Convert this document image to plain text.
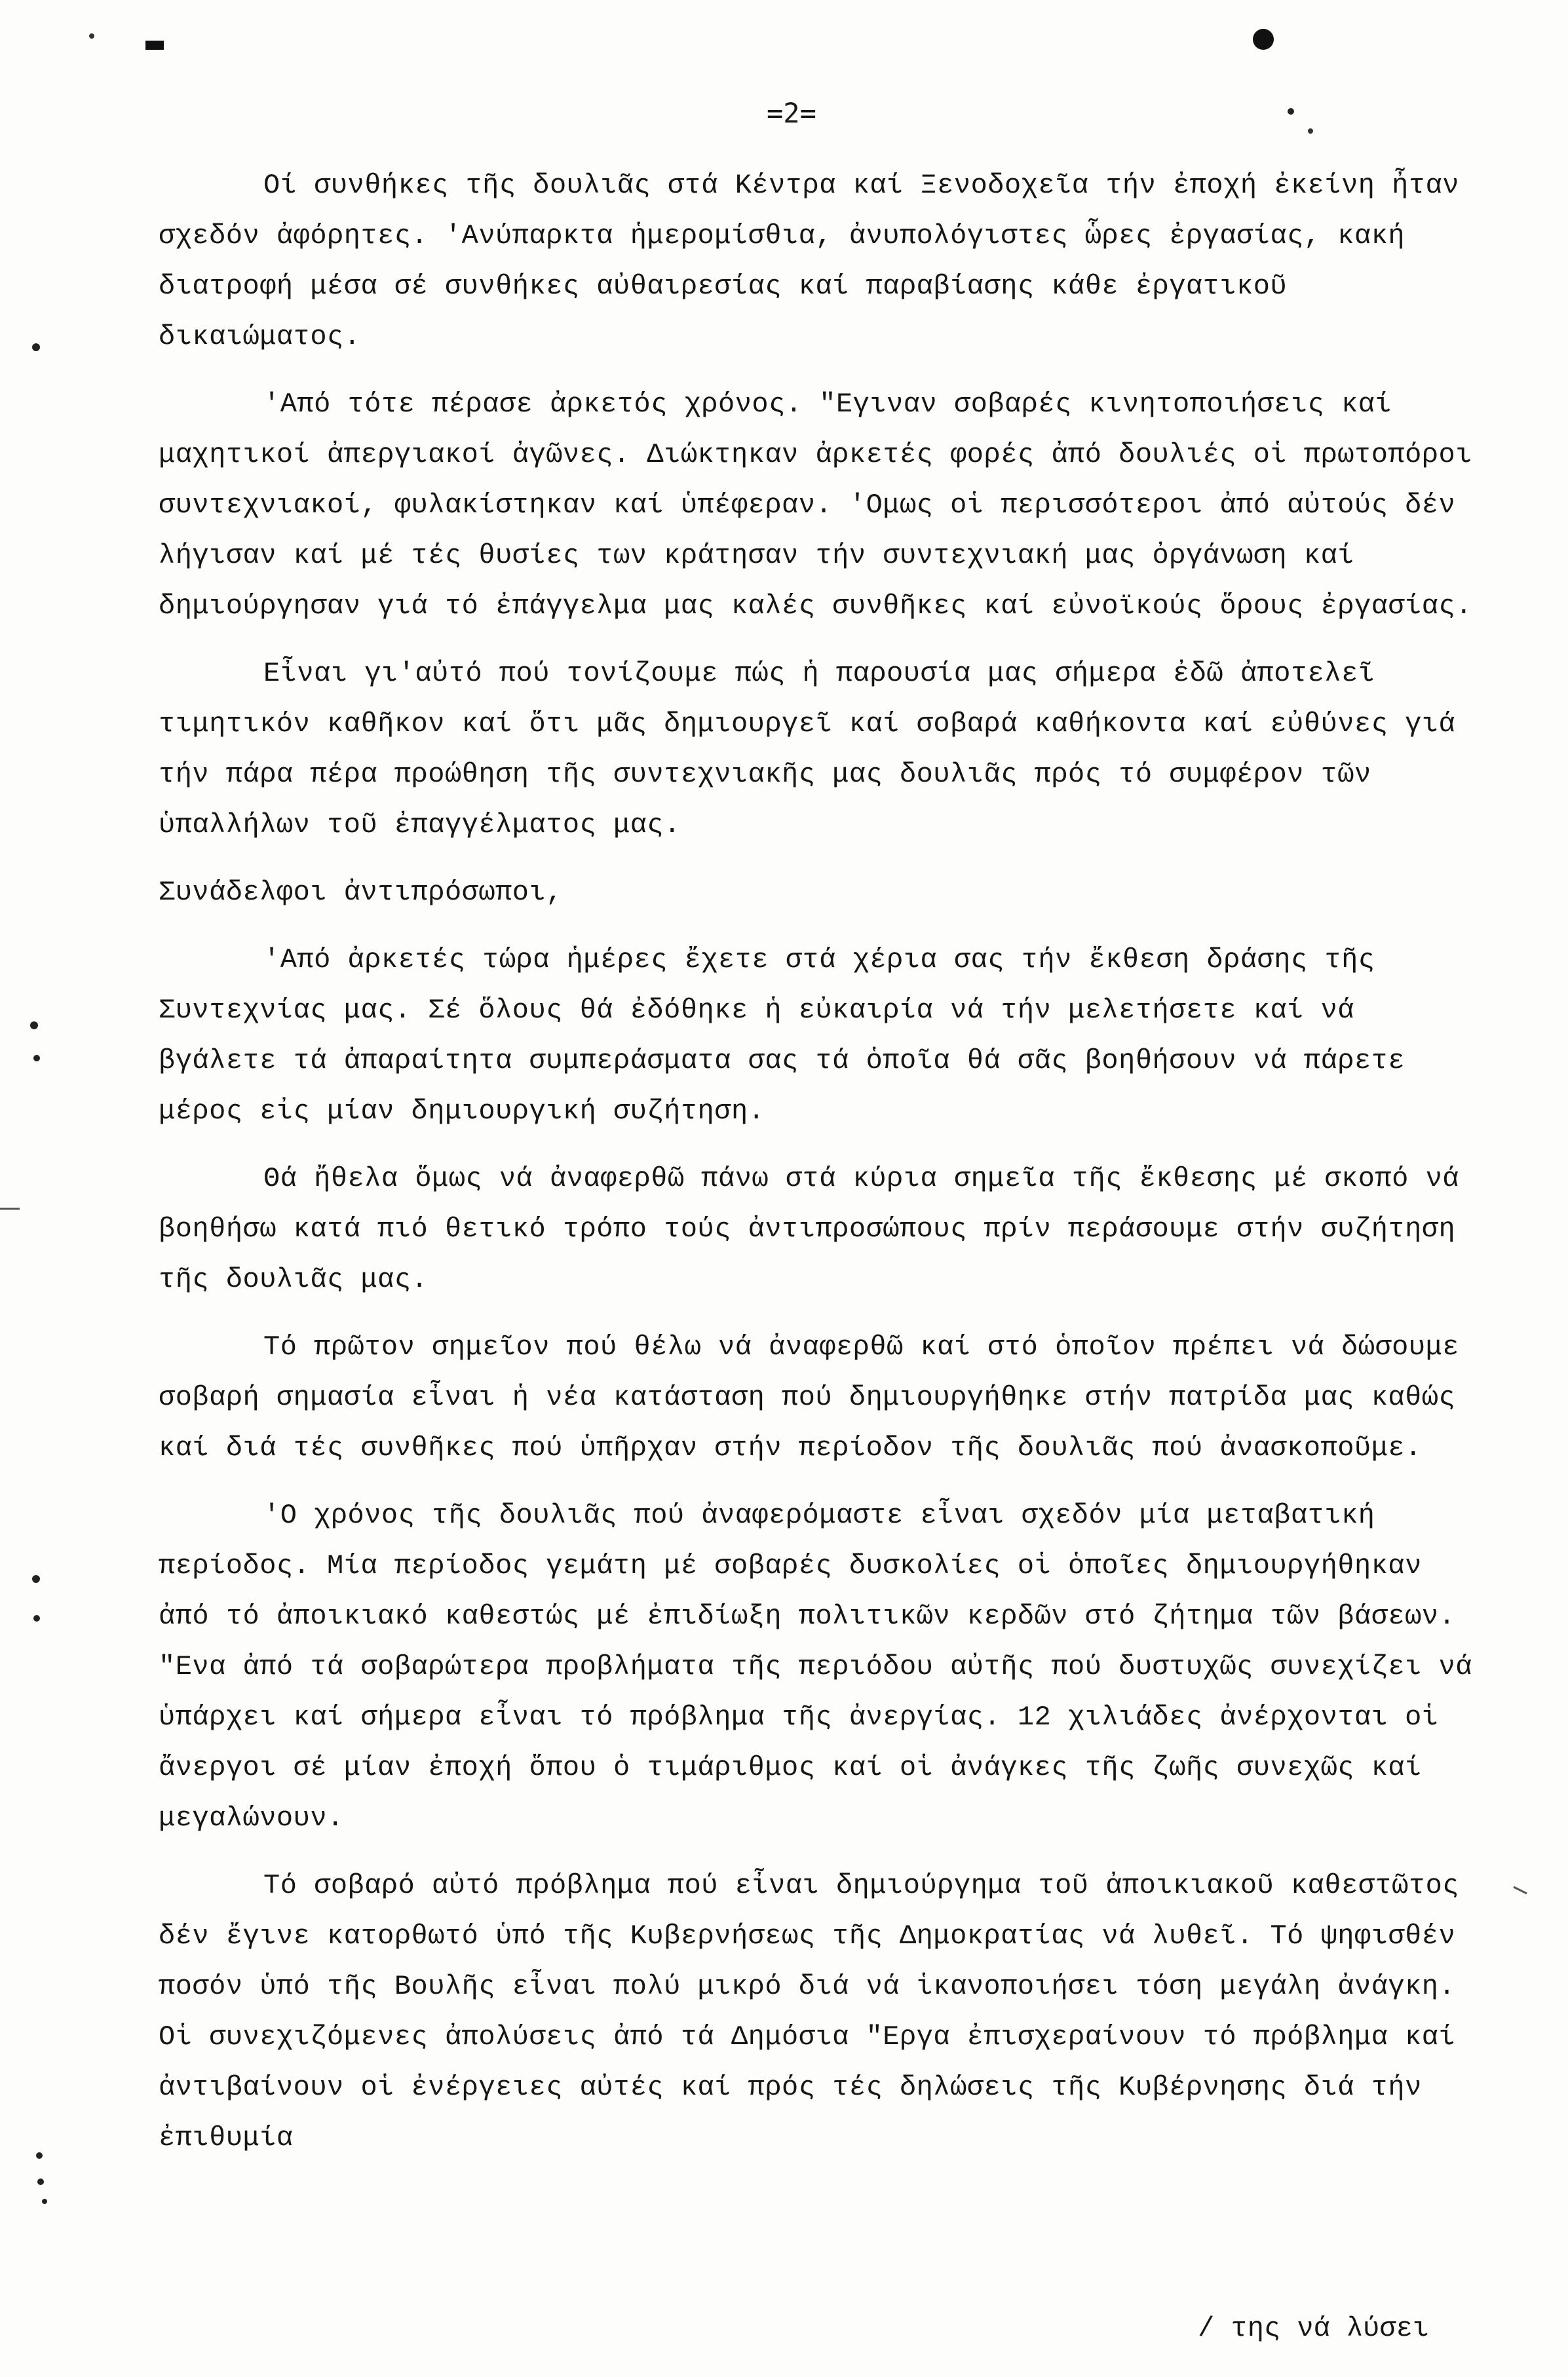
=2=

Οί συνθήκες τῆς δουλιᾶς στά Κέντρα καί Ξενοδοχεῖα τήν ἐποχή ἐκείνη ἦταν σχεδόν ἀφόρητες. 'Ανύπαρκτα ἡμερομίσθια, ἀνυπολόγιστες ὧρες ἐργασίας, κακή διατροφή μέσα σέ συνθήκες αὐθαιρεσίας καί παραβίασης κάθε ἐργατικοῦ δικαιώματος.

'Από τότε πέρασε ἀρκετός χρόνος. "Εγιναν σοβαρές κινητοποιήσεις καί μαχητικοί ἀπεργιακοί ἀγῶνες. Διώκτηκαν ἀρκετές φορές ἀπό δουλιές οἱ πρωτοπόροι συντεχνιακοί, φυλακίστηκαν καί ὑπέφεραν. 'Ομως οἱ περισσότεροι ἀπό αὐτούς δέν λήγισαν καί μέ τές θυσίες των κράτησαν τήν συντεχνιακή μας ὀργάνωση καί δημιούργησαν γιά τό ἐπάγγελμα μας καλές συνθῆκες καί εὐνοϊκούς ὅρους ἐργασίας.

Εἶναι γι'αὐτό πού τονίζουμε πώς ἡ παρουσία μας σήμερα ἐδῶ ἀποτελεῖ τιμητικόν καθῆκον καί ὅτι μᾶς δημιουργεῖ καί σοβαρά καθήκοντα καί εὐθύνες γιά τήν πάρα πέρα προώθηση τῆς συντεχνιακῆς μας δουλιᾶς πρός τό συμφέρον τῶν ὑπαλλήλων τοῦ ἐπαγγέλματος μας.

Συνάδελφοι ἀντιπρόσωποι,

'Από ἀρκετές τώρα ἡμέρες ἔχετε στά χέρια σας τήν ἔκθεση δράσης τῆς Συντεχνίας μας. Σέ ὅλους θά ἐδόθηκε ἡ εὐκαιρία νά τήν μελετήσετε καί νά βγάλετε τά ἀπαραίτητα συμπεράσματα σας τά ὁποῖα θά σᾶς βοηθήσουν νά πάρετε μέρος εἰς μίαν δημιουργική συζήτηση.

Θά ἤθελα ὅμως νά ἀναφερθῶ πάνω στά κύρια σημεῖα τῆς ἔκθεσης μέ σκοπό νά βοηθήσω κατά πιό θετικό τρόπο τούς ἀντιπροσώπους πρίν περάσουμε στήν συζήτηση τῆς δουλιᾶς μας.

Τό πρῶτον σημεῖον πού θέλω νά ἀναφερθῶ καί στό ὁποῖον πρέπει νά δώσουμε σοβαρή σημασία εἶναι ἡ νέα κατάσταση πού δημιουργήθηκε στήν πατρίδα μας καθώς καί διά τές συνθῆκες πού ὑπῆρχαν στήν περίοδον τῆς δουλιᾶς πού ἀνασκοποῦμε.

'Ο χρόνος τῆς δουλιᾶς πού ἀναφερόμαστε εἶναι σχεδόν μία μεταβατική περίοδος. Μία περίοδος γεμάτη μέ σοβαρές δυσκολίες οἱ ὁποῖες δημιουργήθηκαν ἀπό τό ἀποικιακό καθεστώς μέ ἐπιδίωξη πολιτικῶν κερδῶν στό ζήτημα τῶν βάσεων. "Ενα ἀπό τά σοβαρώτερα προβλήματα τῆς περιόδου αὐτῆς πού δυστυχῶς συνεχίζει νά ὑπάρχει καί σήμερα εἶναι τό πρόβλημα τῆς ἀνεργίας. 12 χιλιάδες ἀνέρχονται οἱ ἄνεργοι σέ μίαν ἐποχή ὅπου ὁ τιμάριθμος καί οἱ ἀνάγκες τῆς ζωῆς συνεχῶς καί μεγαλώνουν.

Τό σοβαρό αὐτό πρόβλημα πού εἶναι δημιούργημα τοῦ ἀποικιακοῦ καθεστῶτος δέν ἔγινε κατορθωτό ὑπό τῆς Κυβερνήσεως τῆς Δημοκρατίας νά λυθεῖ. Τό ψηφισθέν ποσόν ὑπό τῆς Βουλῆς εἶναι πολύ μικρό διά νά ἱκανοποιήσει τόση μεγάλη ἀνάγκη. Οἱ συνεχιζόμενες ἀπολύσεις ἀπό τά Δημόσια "Εργα ἐπισχεραίνουν τό πρόβλημα καί ἀντιβαίνουν οἱ ἐνέργειες αὐτές καί πρός τές δηλώσεις τῆς Κυβέρνησης διά τήν ἐπιθυμία

/ της νά λύσει
